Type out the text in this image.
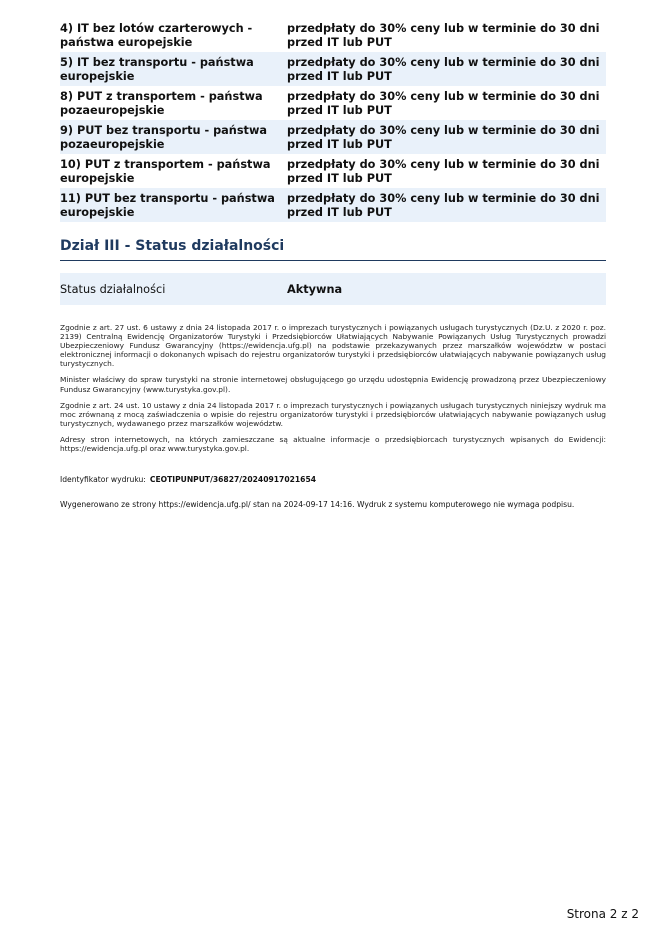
4) IT bez lotów czarterowych - państwa europejskie
przedpłaty do 30% ceny lub w terminie do 30 dni przed IT lub PUT
5) IT bez transportu - państwa europejskie
przedpłaty do 30% ceny lub w terminie do 30 dni przed IT lub PUT
8) PUT z transportem - państwa pozaeuropejskie
przedpłaty do 30% ceny lub w terminie do 30 dni przed IT lub PUT
9) PUT bez transportu - państwa pozaeuropejskie
przedpłaty do 30% ceny lub w terminie do 30 dni przed IT lub PUT
10) PUT z transportem - państwa europejskie
przedpłaty do 30% ceny lub w terminie do 30 dni przed IT lub PUT
11) PUT bez transportu - państwa europejskie
przedpłaty do 30% ceny lub w terminie do 30 dni przed IT lub PUT
Dział III - Status działalności
Status działalności	Aktywna

Zgodnie z art. 27 ust. 6 ustawy z dnia 24 listopada 2017 r. o imprezach turystycznych i powiązanych usługach turystycznych (Dz.U. z 2020 r. poz. 2139) Centralną Ewidencję Organizatorów Turystyki i Przedsiębiorców Ułatwiających Nabywanie Powiązanych Usług Turystycznych prowadzi Ubezpieczeniowy Fundusz Gwarancyjny (https://ewidencja.ufg.pl) na podstawie przekazywanych przez marszałków województw w postaci elektronicznej informacji o dokonanych wpisach do rejestru organizatorów turystyki i przedsiębiorców ułatwiających nabywanie powiązanych usług turystycznych.

Minister właściwy do spraw turystyki na stronie internetowej obsługującego go urzędu udostępnia Ewidencję prowadzoną przez Ubezpieczeniowy Fundusz Gwarancyjny (www.turystyka.gov.pl).

Zgodnie z art. 24 ust. 10 ustawy z dnia 24 listopada 2017 r. o imprezach turystycznych i powiązanych usługach turystycznych niniejszy wydruk ma moc zrównaną z mocą zaświadczenia o wpisie do rejestru organizatorów turystyki i przedsiębiorców ułatwiających nabywanie powiązanych usług turystycznych, wydawanego przez marszałków województw.

Adresy stron internetowych, na których zamieszczane są aktualne informacje o przedsiębiorcach turystycznych wpisanych do Ewidencji: https://ewidencja.ufg.pl oraz www.turystyka.gov.pl.

Identyfikator wydruku: CEOTIPUNPUT/36827/20240917021654
Wygenerowano ze strony https://ewidencja.ufg.pl/ stan na 2024-09-17 14:16. Wydruk z systemu komputerowego nie wymaga podpisu.
Strona 2 z 2
